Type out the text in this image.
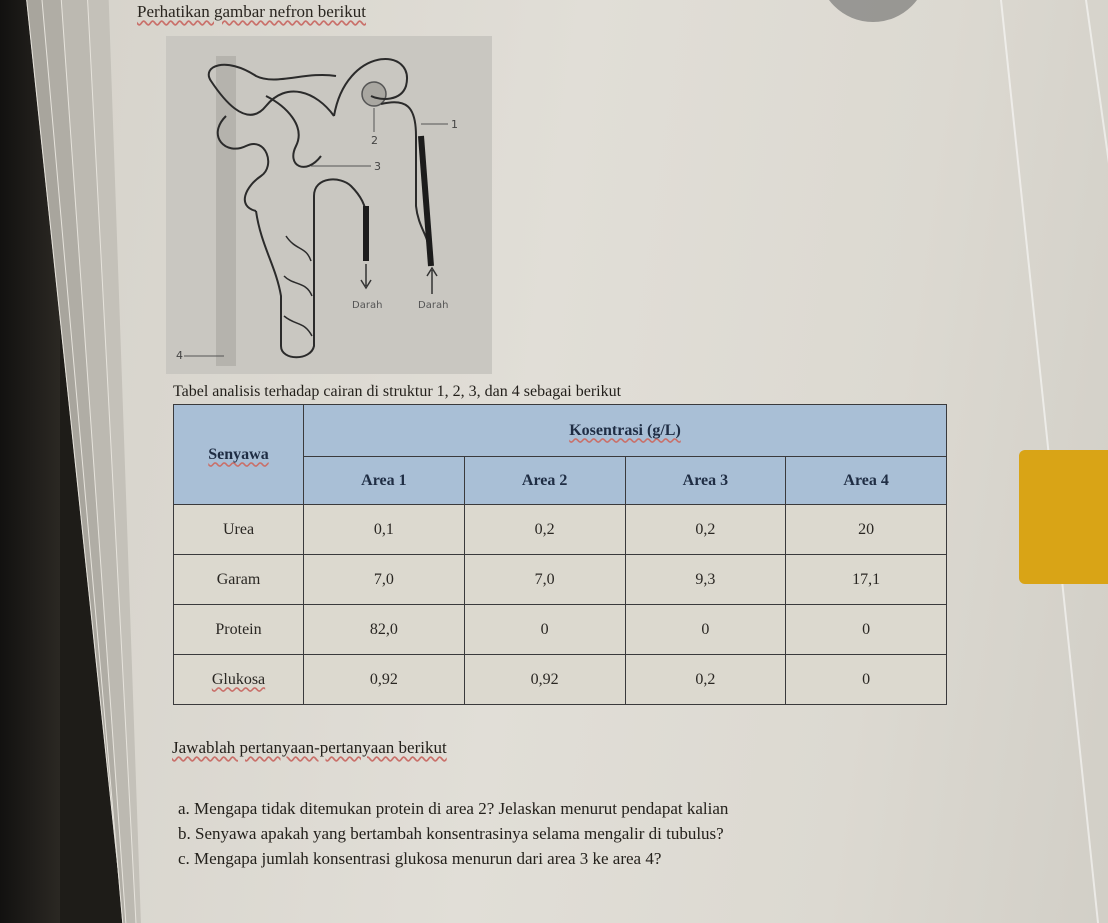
Perhatikan gambar nefron berikut
1
2
3
4
Darah	Darah
Tabel analisis terhadap cairan di struktur 1, 2, 3, dan 4 sebagai berikut
Senyawa	Kosentrasi (g/L)			
	Area 1	Area 2	Area 3	Area 4
Urea	0,1	0,2	0,2	20
Garam	7,0	7,0	9,3	17,1
Protein	82,0	0	0	0
Glukosa	0,92	0,92	0,2	0
Jawablah pertanyaan-pertanyaan berikut
a. Mengapa tidak ditemukan protein di area 2? Jelaskan menurut pendapat kalian
b. Senyawa apakah yang bertambah konsentrasinya selama mengalir di tubulus?
c. Mengapa jumlah konsentrasi glukosa menurun dari area 3 ke area 4?
